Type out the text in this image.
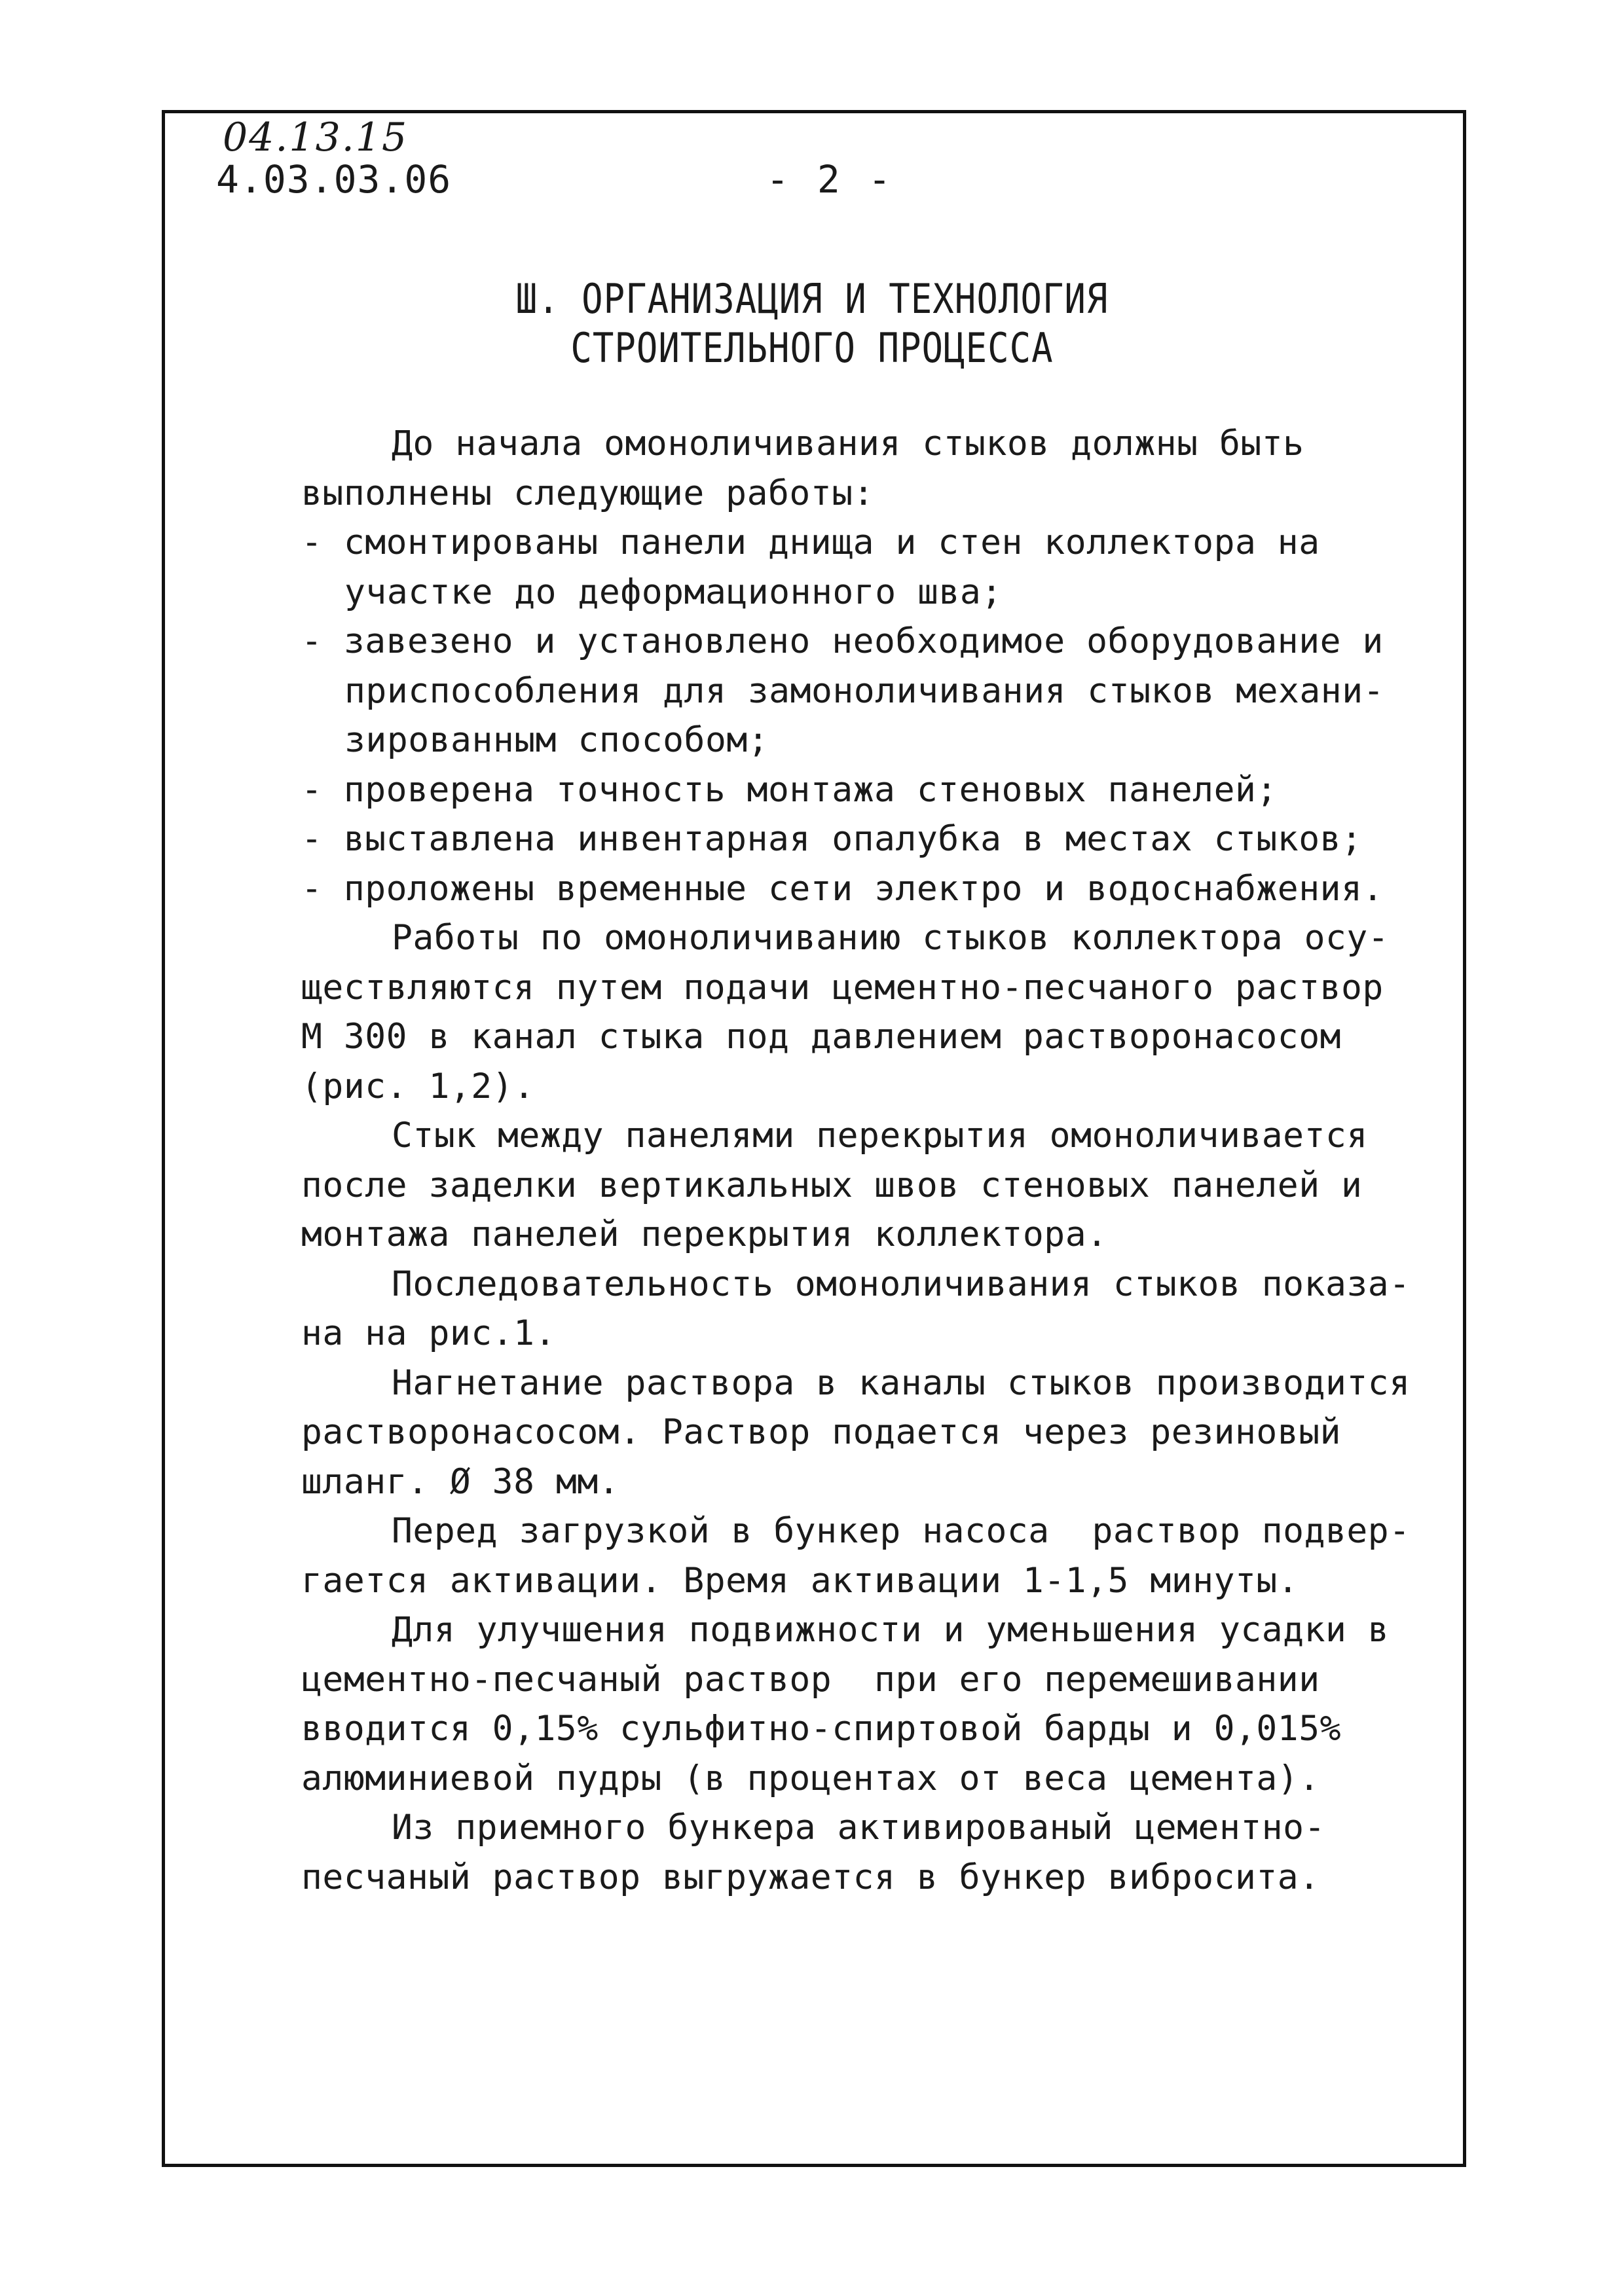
04.13.15
4.03.03.06	- 2 -
Ш. ОРГАНИЗАЦИЯ И ТЕХНОЛОГИЯ
СТРОИТЕЛЬНОГО ПРОЦЕССА
До начала омоноличивания стыков должны быть
выполнены следующие работы:
- смонтированы панели днища и стен коллектора на
участке до деформационного шва;
- завезено и установлено необходимое оборудование и
приспособления для замоноличивания стыков механи-
зированным способом;
- проверена точность монтажа стеновых панелей;
- выставлена инвентарная опалубка в местах стыков;
- проложены временные сети электро и водоснабжения.
Работы по омоноличиванию стыков коллектора осу-
ществляются путем подачи цементно-песчаного раствор
М 300 в канал стыка под давлением растворонасосом
(рис. 1,2).
Стык между панелями перекрытия омоноличивается
после заделки вертикальных швов стеновых панелей и
монтажа панелей перекрытия коллектора.
Последовательность омоноличивания стыков показа-
на на рис.1.
Нагнетание раствора в каналы стыков производится
растворонасосом. Раствор подается через резиновый
шланг. Ø 38 мм.
Перед загрузкой в бункер насоса  раствор подвер-
гается активации. Время активации 1-1,5 минуты.
Для улучшения подвижности и уменьшения усадки в
цементно-песчаный раствор  при его перемешивании
вводится 0,15% сульфитно-спиртовой барды и 0,015%
алюминиевой пудры (в процентах от веса цемента).
Из приемного бункера активированый цементно-
песчаный раствор выгружается в бункер вибросита.
